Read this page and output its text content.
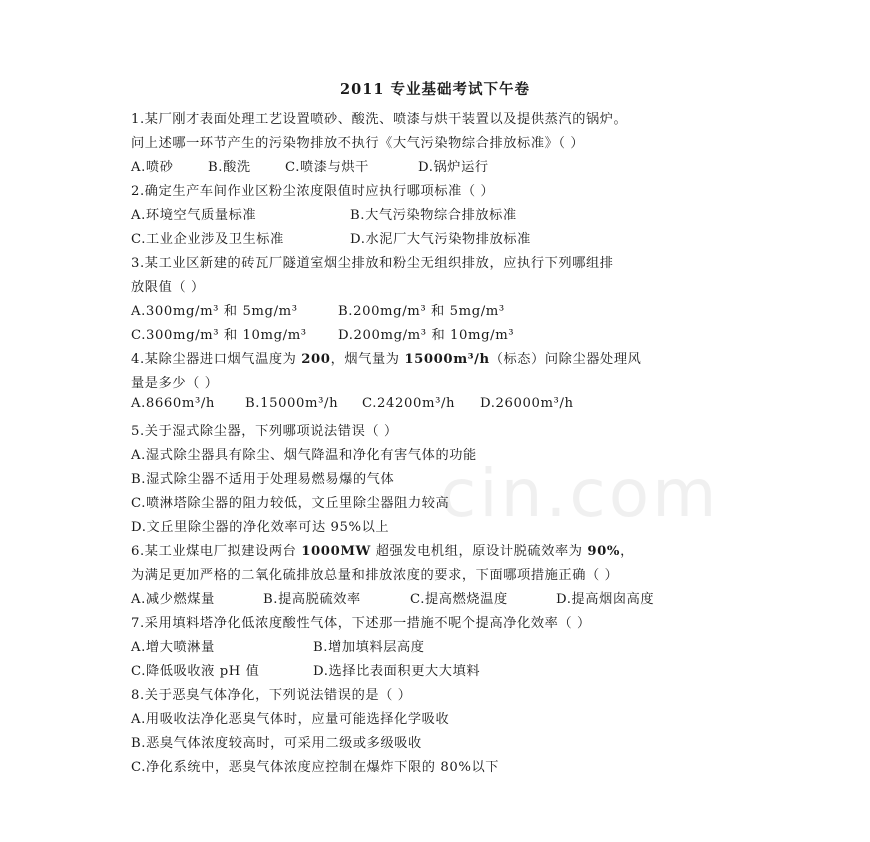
cin.com
2011 专业基础考试下午卷
1.某厂刚才表面处理工艺设置喷砂、酸洗、喷漆与烘干装置以及提供蒸汽的锅炉。
问上述哪一环节产生的污染物排放不执行《大气污染物综合排放标准》（ ）
A.喷砂	B.酸洗	C.喷漆与烘干	D.锅炉运行
2.确定生产车间作业区粉尘浓度限值时应执行哪项标准（ ）
A.环境空气质量标准	B.大气污染物综合排放标准
C.工业企业涉及卫生标准	D.水泥厂大气污染物排放标准
3.某工业区新建的砖瓦厂隧道室烟尘排放和粉尘无组织排放，应执行下列哪组排
放限值（ ）
A.300mg/m³ 和 5mg/m³	B.200mg/m³ 和 5mg/m³
C.300mg/m³ 和 10mg/m³ D.200mg/m³ 和 10mg/m³
4.某除尘器进口烟气温度为 200，烟气量为 15000m³/h（标态）问除尘器处理风
量是多少（ ）
A.8660m³/h B.15000m³/h C.24200m³/h D.26000m³/h
5.关于湿式除尘器，下列哪项说法错误（ ）
A.湿式除尘器具有除尘、烟气降温和净化有害气体的功能
B.湿式除尘器不适用于处理易燃易爆的气体
C.喷淋塔除尘器的阻力较低，文丘里除尘器阻力较高
D.文丘里除尘器的净化效率可达 95%以上
6.某工业煤电厂拟建设两台 1000MW 超强发电机组，原设计脱硫效率为 90%，
为满足更加严格的二氧化硫排放总量和排放浓度的要求，下面哪项措施正确（ ）
A.减少燃煤量	B.提高脱硫效率	C.提高燃烧温度	D.提高烟囱高度
7.采用填料塔净化低浓度酸性气体，下述那一措施不呢个提高净化效率（ ）
A.增大喷淋量	B.增加填料层高度
C.降低吸收液 pH 值	D.选择比表面积更大大填料
8.关于恶臭气体净化，下列说法错误的是（ ）
A.用吸收法净化恶臭气体时，应量可能选择化学吸收
B.恶臭气体浓度较高时，可采用二级或多级吸收
C.净化系统中，恶臭气体浓度应控制在爆炸下限的 80%以下
